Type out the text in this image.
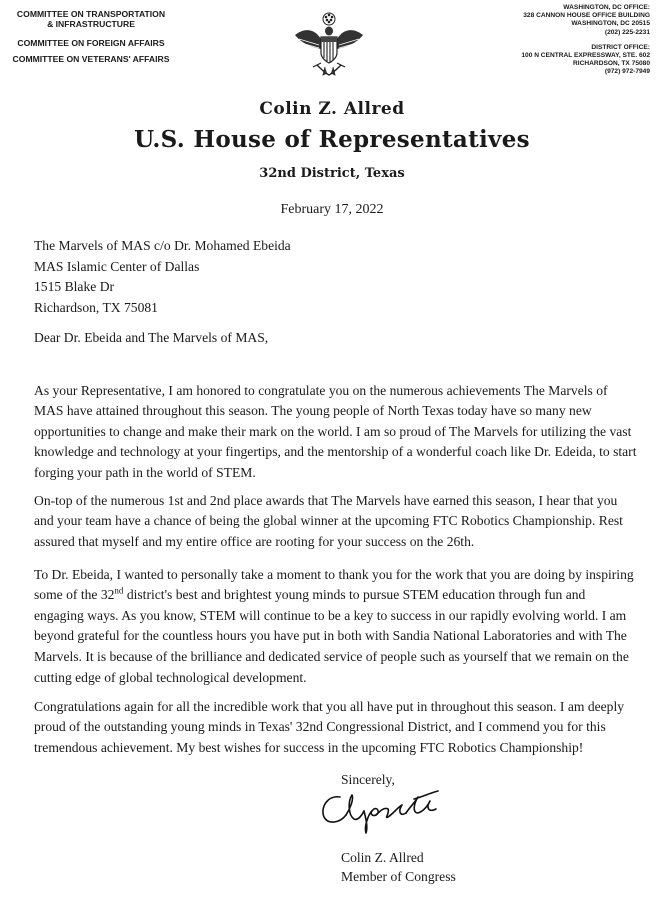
COMMITTEE ON TRANSPORTATION
& INFRASTRUCTURE
COMMITTEE ON FOREIGN AFFAIRS
COMMITTEE ON VETERANS' AFFAIRS
WASHINGTON, DC OFFICE:
328 CANNON HOUSE OFFICE BUILDING
WASHINGTON, DC 20515
(202) 225-2231
DISTRICT OFFICE:
100 N CENTRAL EXPRESSWAY, STE. 602
RICHARDSON, TX 75080
(972) 972-7949
Colin Z. Allred
U.S. House of Representatives
32nd District, Texas
February 17, 2022
The Marvels of MAS c/o Dr. Mohamed Ebeida
MAS Islamic Center of Dallas
1515 Blake Dr
Richardson, TX 75081
Dear Dr. Ebeida and The Marvels of MAS,

As your Representative, I am honored to congratulate you on the numerous achievements The Marvels of MAS have attained throughout this season. The young people of North Texas today have so many new opportunities to change and make their mark on the world. I am so proud of The Marvels for utilizing the vast knowledge and technology at your fingertips, and the mentorship of a wonderful coach like Dr. Edeida, to start forging your path in the world of STEM.

On-top of the numerous 1st and 2nd place awards that The Marvels have earned this season, I hear that you and your team have a chance of being the global winner at the upcoming FTC Robotics Championship. Rest assured that myself and my entire office are rooting for your success on the 26th.

To Dr. Ebeida, I wanted to personally take a moment to thank you for the work that you are doing by inspiring some of the 32nd district's best and brightest young minds to pursue STEM education through fun and engaging ways. As you know, STEM will continue to be a key to success in our rapidly evolving world. I am beyond grateful for the countless hours you have put in both with Sandia National Laboratories and with The Marvels. It is because of the brilliance and dedicated service of people such as yourself that we remain on the cutting edge of global technological development.

Congratulations again for all the incredible work that you all have put in throughout this season. I am deeply proud of the outstanding young minds in Texas' 32nd Congressional District, and I commend you for this tremendous achievement. My best wishes for success in the upcoming FTC Robotics Championship!

Sincerely,
Colin Z. Allred
Member of Congress
